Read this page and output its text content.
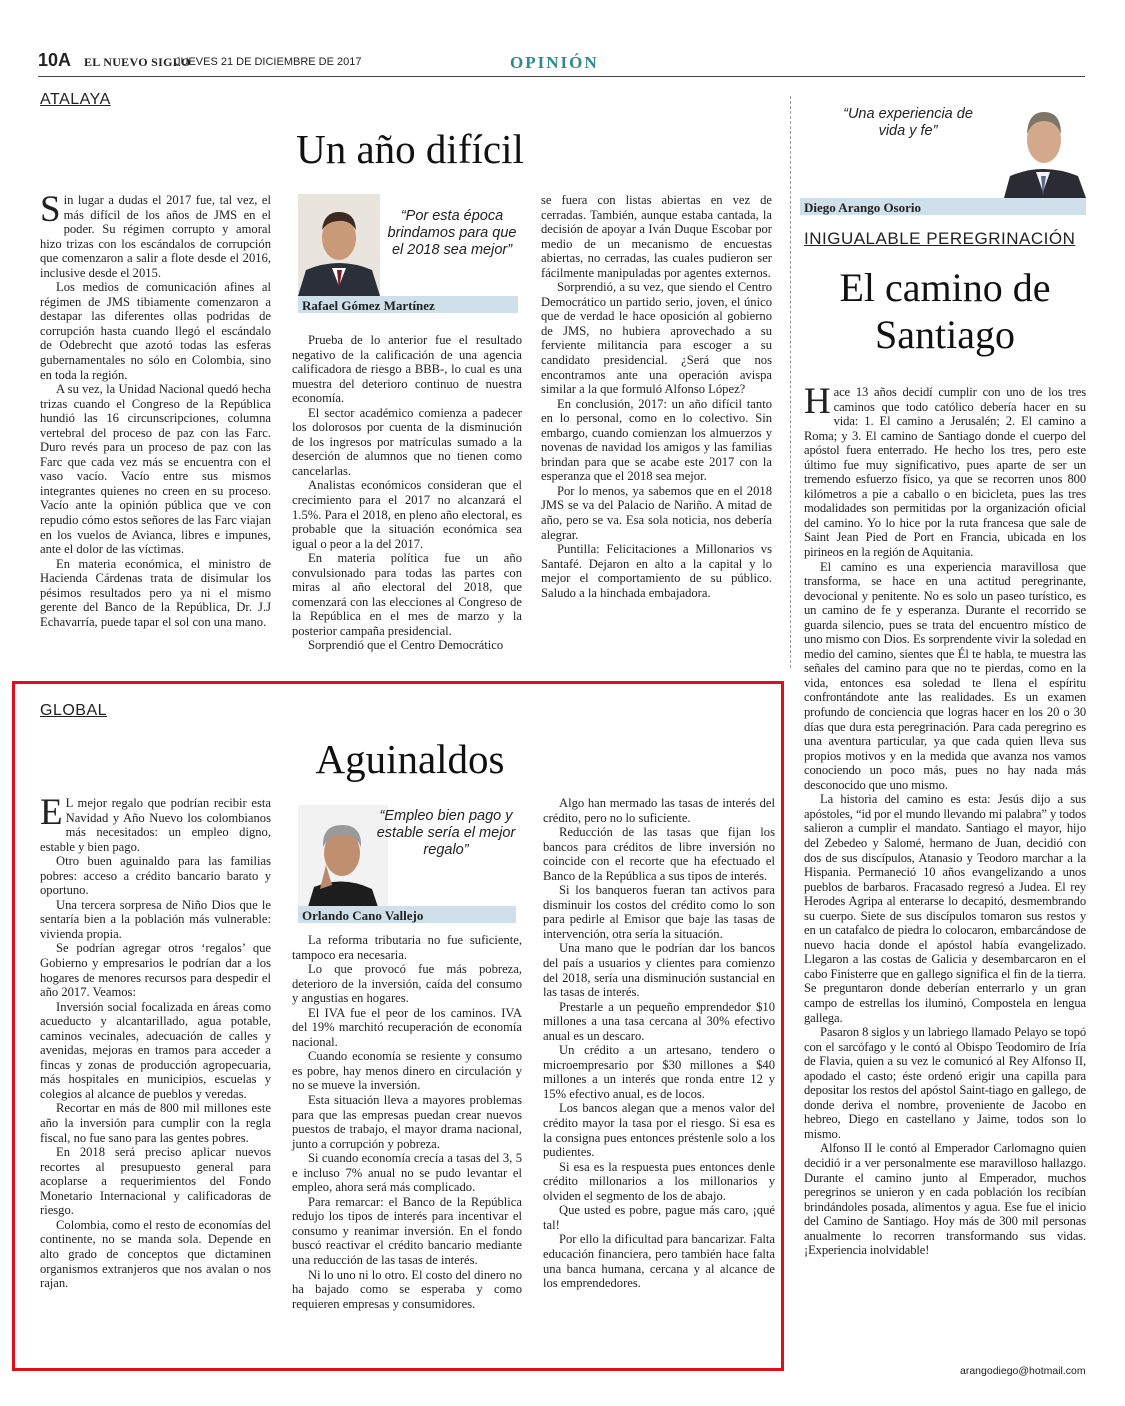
10A EL NUEVO SIGLO
JUEVES 21 DE DICIEMBRE DE 2017	OPINIÓN
ATALAYA
Un año difícil

Sin lugar a dudas el 2017 fue, tal vez, el más difícil de los años de JMS en el poder. Su régimen corrupto y amoral hizo trizas con los escándalos de corrupción que comenzaron a salir a flote desde el 2016, inclusive desde el 2015.

Los medios de comunicación afines al régimen de JMS tibiamente comenzaron a destapar las diferentes ollas podridas de corrupción hasta cuando llegó el escándalo de Odebrecht que azotó todas las esferas gubernamentales no sólo en Colombia, sino en toda la región.

A su vez, la Unidad Nacional quedó hecha trizas cuando el Congreso de la República hundió las 16 circunscripciones, columna vertebral del proceso de paz con las Farc. Duro revés para un proceso de paz con las Farc que cada vez más se encuentra con el vaso vacío. Vacío entre sus mismos integrantes quienes no creen en su proceso. Vacío ante la opinión pública que ve con repudio cómo estos señores de las Farc viajan en los vuelos de Avianca, libres e impunes, ante el dolor de las víctimas.

En materia económica, el ministro de Hacienda Cárdenas trata de disimular los pésimos resultados pero ya ni el mismo gerente del Banco de la República, Dr. J.J Echavarría, puede tapar el sol con una mano.

“Por esta época brindamos para que el 2018 sea mejor”
Rafael Gómez Martínez

Prueba de lo anterior fue el resultado negativo de la calificación de una agencia calificadora de riesgo a BBB-, lo cual es una muestra del deterioro continuo de nuestra economía.

El sector académico comienza a padecer los dolorosos por cuenta de la disminución de los ingresos por matrículas sumado a la deserción de alumnos que no tienen como cancelarlas.

Analistas económicos consideran que el crecimiento para el 2017 no alcanzará el 1.5%. Para el 2018, en pleno año electoral, es probable que la situación económica sea igual o peor a la del 2017.

En materia política fue un año convulsionado para todas las partes con miras al año electoral del 2018, que comenzará con las elecciones al Congreso de la República en el mes de marzo y la posterior campaña presidencial.

Sorprendió que el Centro Democrático

se fuera con listas abiertas en vez de cerradas. También, aunque estaba cantada, la decisión de apoyar a Iván Duque Escobar por medio de un mecanismo de encuestas abiertas, no cerradas, las cuales pudieron ser fácilmente manipuladas por agentes externos.

Sorprendió, a su vez, que siendo el Centro Democrático un partido serio, joven, el único que de verdad le hace oposición al gobierno de JMS, no hubiera aprovechado a su ferviente militancia para escoger a su candidato presidencial. ¿Será que nos encontramos ante una operación avispa similar a la que formuló Alfonso López?

En conclusión, 2017: un año difícil tanto en lo personal, como en lo colectivo. Sin embargo, cuando comienzan los almuerzos y novenas de navidad los amigos y las familias brindan para que se acabe este 2017 con la esperanza que el 2018 sea mejor.

Por lo menos, ya sabemos que en el 2018 JMS se va del Palacio de Nariño. A mitad de año, pero se va. Esa sola noticia, nos debería alegrar.

Puntilla: Felicitaciones a Millonarios vs Santafé. Dejaron en alto a la capital y lo mejor el comportamiento de su público. Saludo a la hinchada embajadora.

GLOBAL
Aguinaldos

E L mejor regalo que podrían recibir esta Navidad y Año Nuevo los colombianos más necesitados: un empleo digno, estable y bien pago.

Otro buen aguinaldo para las familias pobres: acceso a crédito bancario barato y oportuno.

Una tercera sorpresa de Niño Dios que le sentaría bien a la población más vulnerable: vivienda propia.

Se podrían agregar otros ‘regalos’ que Gobierno y empresarios le podrían dar a los hogares de menores recursos para despedir el año 2017. Veamos:

Inversión social focalizada en áreas como acueducto y alcantarillado, agua potable, caminos vecinales, adecuación de calles y avenidas, mejoras en tramos para acceder a fincas y zonas de producción agropecuaria, más hospitales en municipios, escuelas y colegios al alcance de pueblos y veredas.

Recortar en más de 800 mil millones este año la inversión para cumplir con la regla fiscal, no fue sano para las gentes pobres.

En 2018 será preciso aplicar nuevos recortes al presupuesto general para acoplarse a requerimientos del Fondo Monetario Internacional y calificadoras de riesgo.

Colombia, como el resto de economías del continente, no se manda sola. Depende en alto grado de conceptos que dictaminen organismos extranjeros que nos avalan o nos rajan.

“Empleo bien pago y estable sería el mejor regalo”
Orlando Cano Vallejo

La reforma tributaria no fue suficiente, tampoco era necesaria.

Lo que provocó fue más pobreza, deterioro de la inversión, caída del consumo y angustias en hogares.

El IVA fue el peor de los caminos. IVA del 19% marchitó recuperación de economía nacional.

Cuando economía se resiente y consumo es pobre, hay menos dinero en circulación y no se mueve la inversión.

Esta situación lleva a mayores problemas para que las empresas puedan crear nuevos puestos de trabajo, el mayor drama nacional, junto a corrupción y pobreza.

Si cuando economía crecía a tasas del 3, 5 e incluso 7% anual no se pudo levantar el empleo, ahora será más complicado.

Para remarcar: el Banco de la República redujo los tipos de interés para incentivar el consumo y reanimar inversión. En el fondo buscó reactivar el crédito bancario mediante una reducción de las tasas de interés.

Ni lo uno ni lo otro. El costo del dinero no ha bajado como se esperaba y como requieren empresas y consumidores.

Algo han mermado las tasas de interés del crédito, pero no lo suficiente.

Reducción de las tasas que fijan los bancos para créditos de libre inversión no coincide con el recorte que ha efectuado el Banco de la República a sus tipos de interés.

Si los banqueros fueran tan activos para disminuir los costos del crédito como lo son para pedirle al Emisor que baje las tasas de intervención, otra sería la situación.

Una mano que le podrían dar los bancos del país a usuarios y clientes para comienzo del 2018, sería una disminución sustancial en las tasas de interés.

Prestarle a un pequeño emprendedor $10 millones a una tasa cercana al 30% efectivo anual es un descaro.

Un crédito a un artesano, tendero o microempresario por $30 millones a $40 millones a un interés que ronda entre 12 y 15% efectivo anual, es de locos.

Los bancos alegan que a menos valor del crédito mayor la tasa por el riesgo. Si esa es la consigna pues entonces préstenle solo a los pudientes.

Si esa es la respuesta pues entonces denle crédito millonarios a los millonarios y olviden el segmento de los de abajo.

Que usted es pobre, pague más caro, ¡qué tal!

Por ello la dificultad para bancarizar. Falta educación financiera, pero también hace falta una banca humana, cercana y al alcance de los emprendedores.

“Una experiencia de vida y fe”
Diego Arango Osorio
INIGUALABLE PEREGRINACIÓN
El camino de
Santiago

Hace 13 años decidí cumplir con uno de los tres caminos que todo católico debería hacer en su vida: 1. El camino a Jerusalén; 2. El camino a Roma; y 3. El camino de Santiago donde el cuerpo del apóstol fuera enterrado. He hecho los tres, pero este último fue muy significativo, pues aparte de ser un tremendo esfuerzo físico, ya que se recorren unos 800 kilómetros a pie a caballo o en bicicleta, pues las tres modalidades son permitidas por la organización oficial del camino. Yo lo hice por la ruta francesa que sale de Saint Jean Pied de Port en Francia, ubicada en los pirineos en la región de Aquitania.

El camino es una experiencia maravillosa que transforma, se hace en una actitud peregrinante, devocional y penitente. No es solo un paseo turístico, es un camino de fe y esperanza. Durante el recorrido se guarda silencio, pues se trata del encuentro místico de uno mismo con Dios. Es sorprendente vivir la soledad en medio del camino, sientes que Él te habla, te muestra las señales del camino para que no te pierdas, como en la vida, entonces esa soledad te llena el espíritu confrontándote ante las realidades. Es un examen profundo de conciencia que logras hacer en los 20 o 30 días que dura esta peregrinación. Para cada peregrino es una aventura particular, ya que cada quien lleva sus propios motivos y en la medida que avanza nos vamos conociendo un poco más, pues no hay nada más desconocido que uno mismo.

La historia del camino es esta: Jesús dijo a sus apóstoles, “id por el mundo llevando mi palabra” y todos salieron a cumplir el mandato. Santiago el mayor, hijo del Zebedeo y Salomé, hermano de Juan, decidió con dos de sus discípulos, Atanasio y Teodoro marchar a la Hispania. Permaneció 10 años evangelizando a unos pueblos de barbaros. Fracasado regresó a Judea. El rey Herodes Agripa al enterarse lo decapitó, desmembrando su cuerpo. Siete de sus discípulos tomaron sus restos y en un catafalco de piedra lo colocaron, embarcándose de nuevo hacia donde el apóstol había evangelizado. Llegaron a las costas de Galicia y desembarcaron en el cabo Finisterre que en gallego significa el fin de la tierra. Se preguntaron donde deberían enterrarlo y un gran campo de estrellas los iluminó, Compostela en lengua gallega.

Pasaron 8 siglos y un labriego llamado Pelayo se topó con el sarcófago y le contó al Obispo Teodomiro de Iría de Flavia, quien a su vez le comunicó al Rey Alfonso II, apodado el casto; éste ordenó erigir una capilla para depositar los restos del apóstol Saint-tiago en gallego, de donde deriva el nombre, proveniente de Jacobo en hebreo, Diego en castellano y Jaime, todos son lo mismo.

Alfonso II le contó al Emperador Carlomagno quien decidió ir a ver personalmente ese maravilloso hallazgo. Durante el camino junto al Emperador, muchos peregrinos se unieron y en cada población los recibían brindándoles posada, alimentos y agua. Ese fue el inicio del Camino de Santiago. Hoy más de 300 mil personas anualmente lo recorren transformando sus vidas. ¡Experiencia inolvidable!

arangodiego@hotmail.com
